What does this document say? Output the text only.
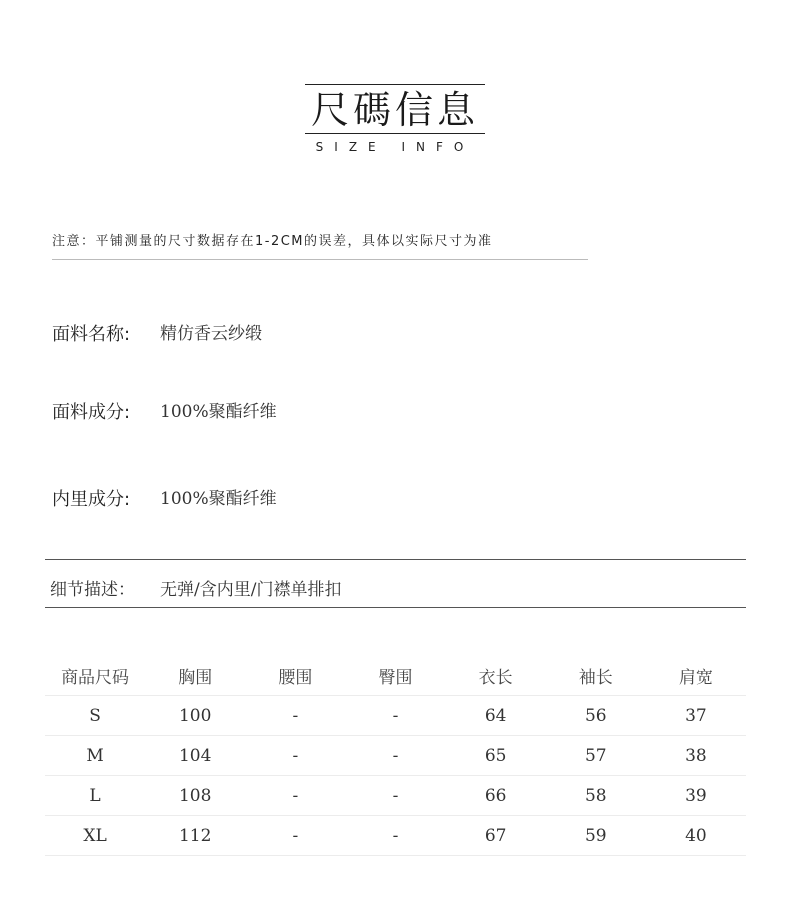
尺碼信息
SIZE INFO
注意：平铺测量的尺寸数据存在1-2CM的误差，具体以实际尺寸为准
面料名称: 精仿香云纱缎
面料成分: 100%聚酯纤维
内里成分: 100%聚酯纤维
细节描述： 无弹/含内里/门襟单排扣
商品尺码	胸围	腰围	臀围	衣长	袖长	肩宽
S	100	-	-	64	56	37
M	104	-	-	65	57	38
L	108	-	-	66	58	39
XL	112	-	-	67	59	40
